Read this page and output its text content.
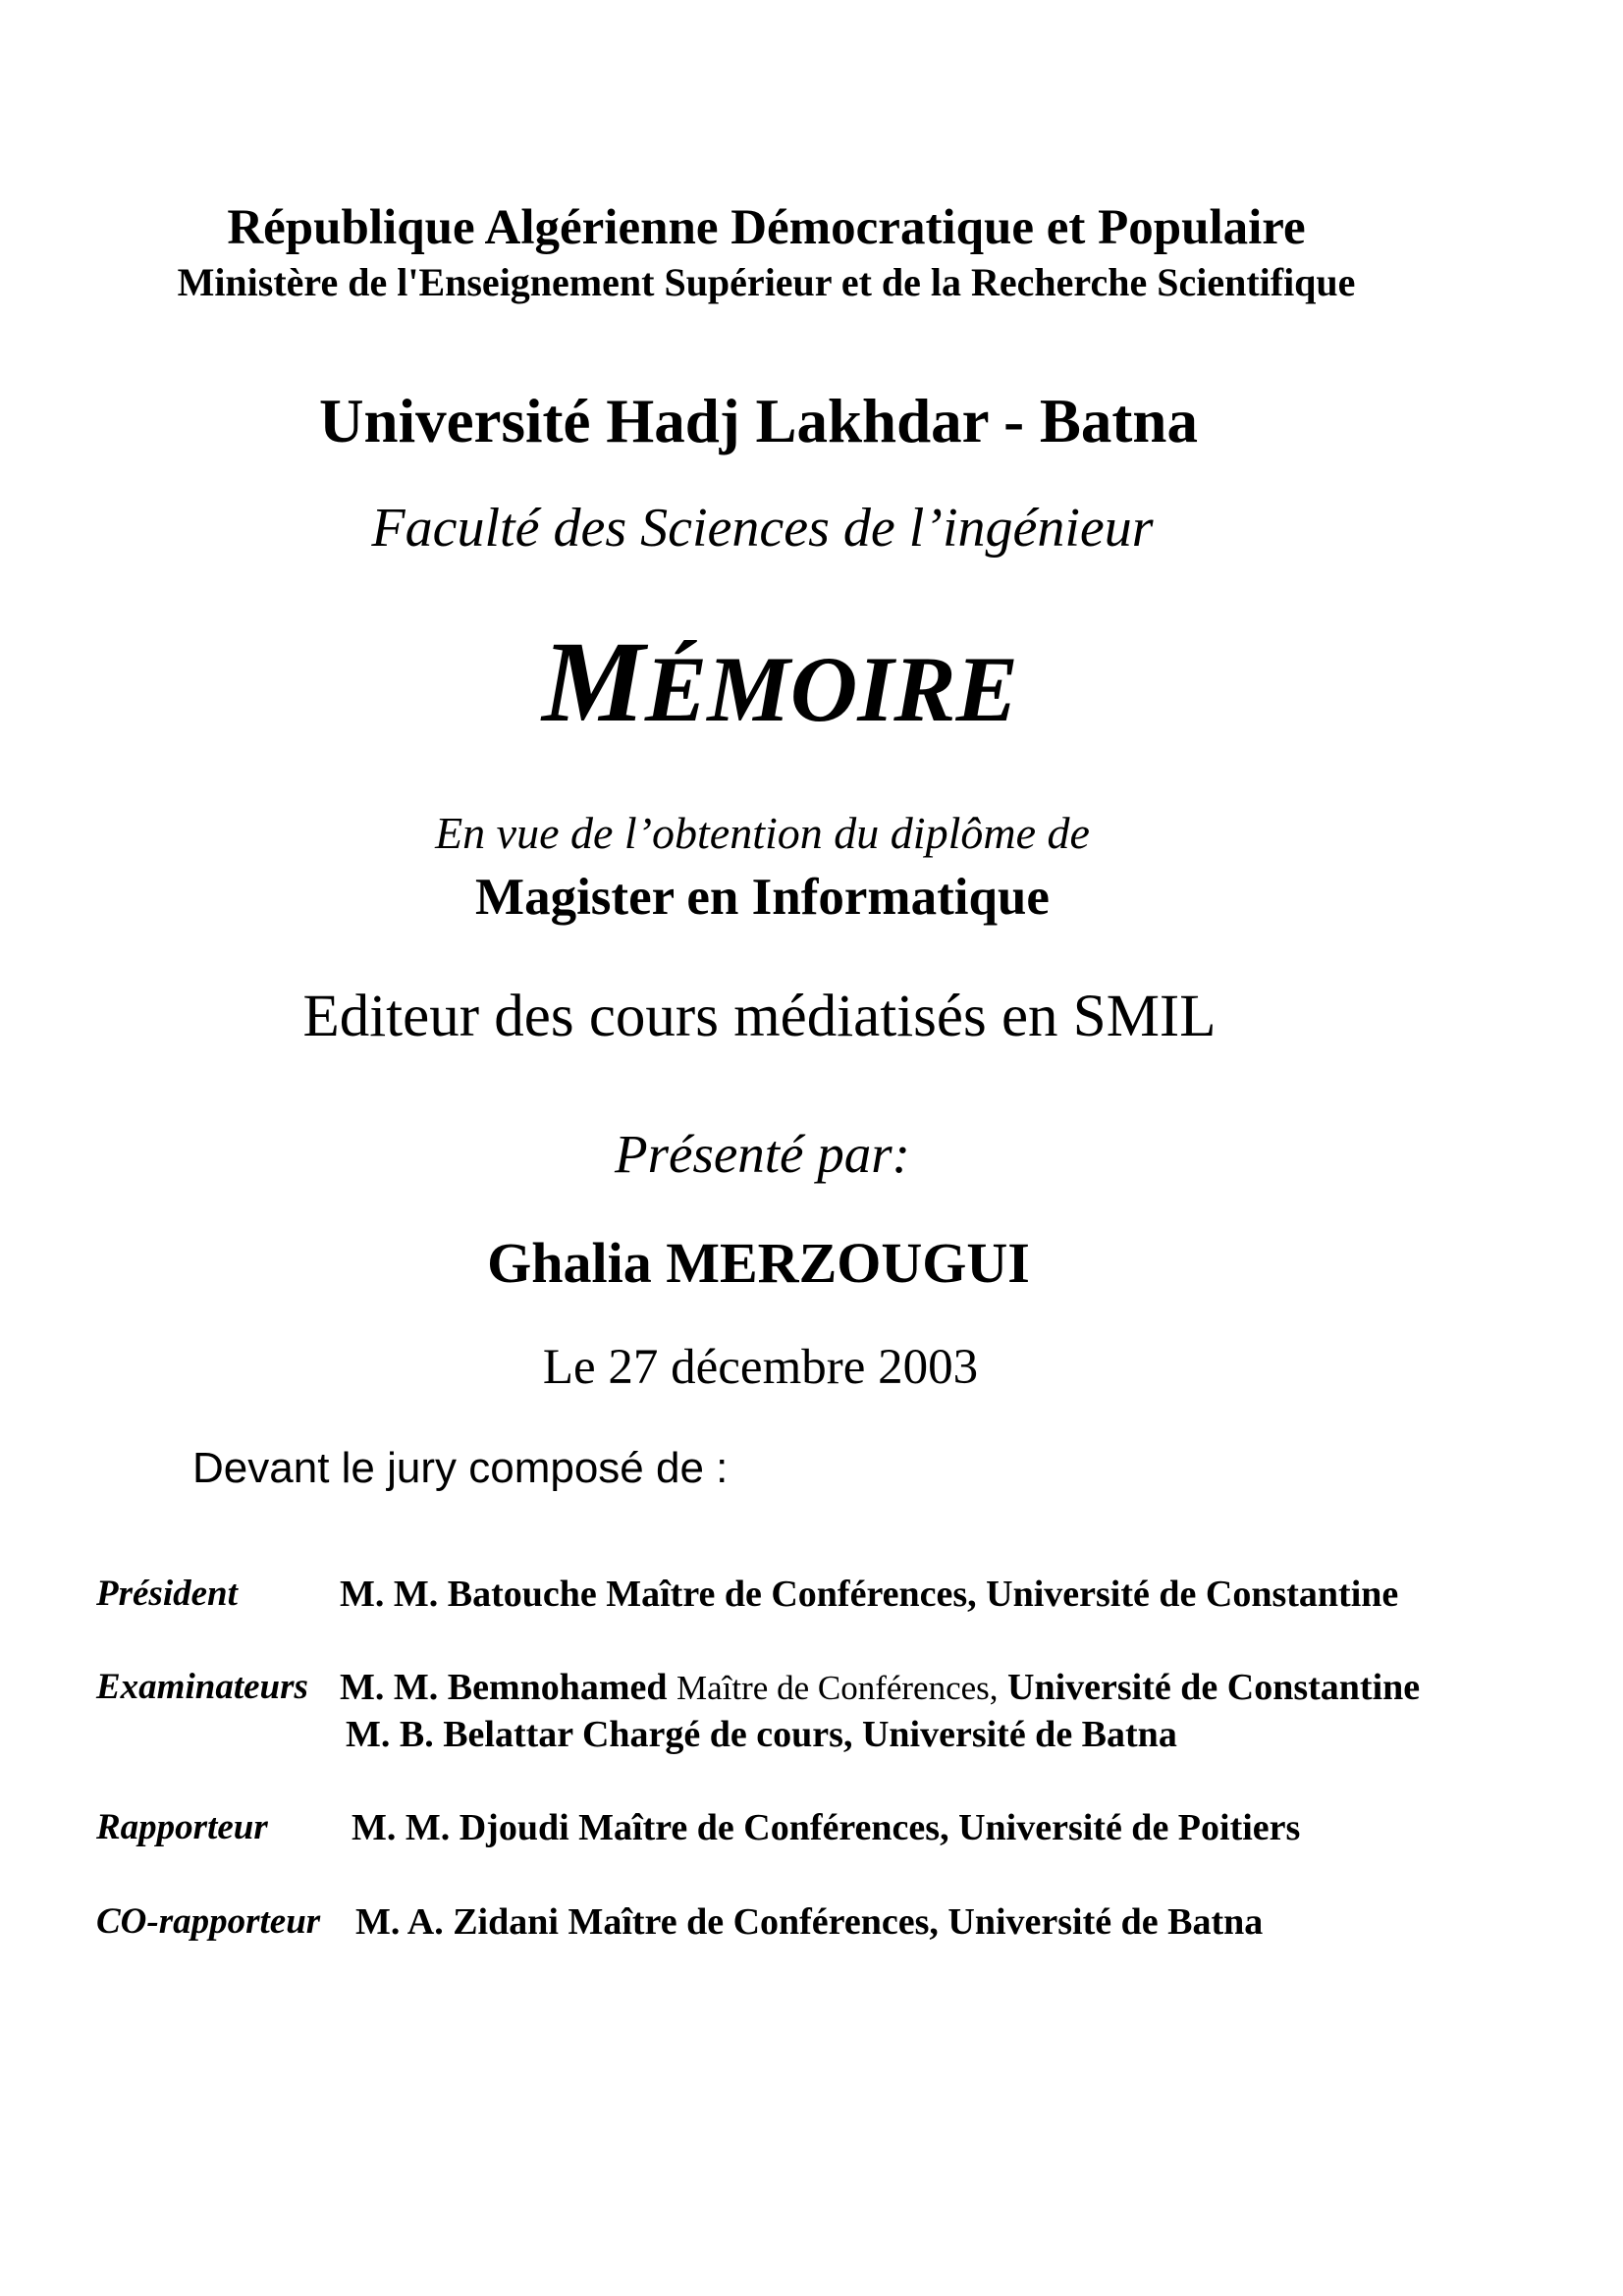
République Algérienne Démocratique et Populaire
Ministère de l'Enseignement Supérieur et de la Recherche Scientifique
Université Hadj Lakhdar - Batna
Faculté des Sciences de l’ingénieur
MÉMOIRE
En vue de l’obtention du diplôme de
Magister en Informatique
Editeur des cours médiatisés en SMIL
Présenté par:
Ghalia MERZOUGUI
Le 27 décembre 2003
Devant le jury composé de :
Président	M. M. Batouche Maître de Conférences, Université de Constantine
Examinateurs M. M. Bemnohamed Maître de Conférences, Université de Constantine
M. B. Belattar Chargé de cours, Université de Batna
Rapporteur M. M. Djoudi Maître de Conférences, Université de Poitiers
CO-rapporteur M. A. Zidani Maître de Conférences, Université de Batna
